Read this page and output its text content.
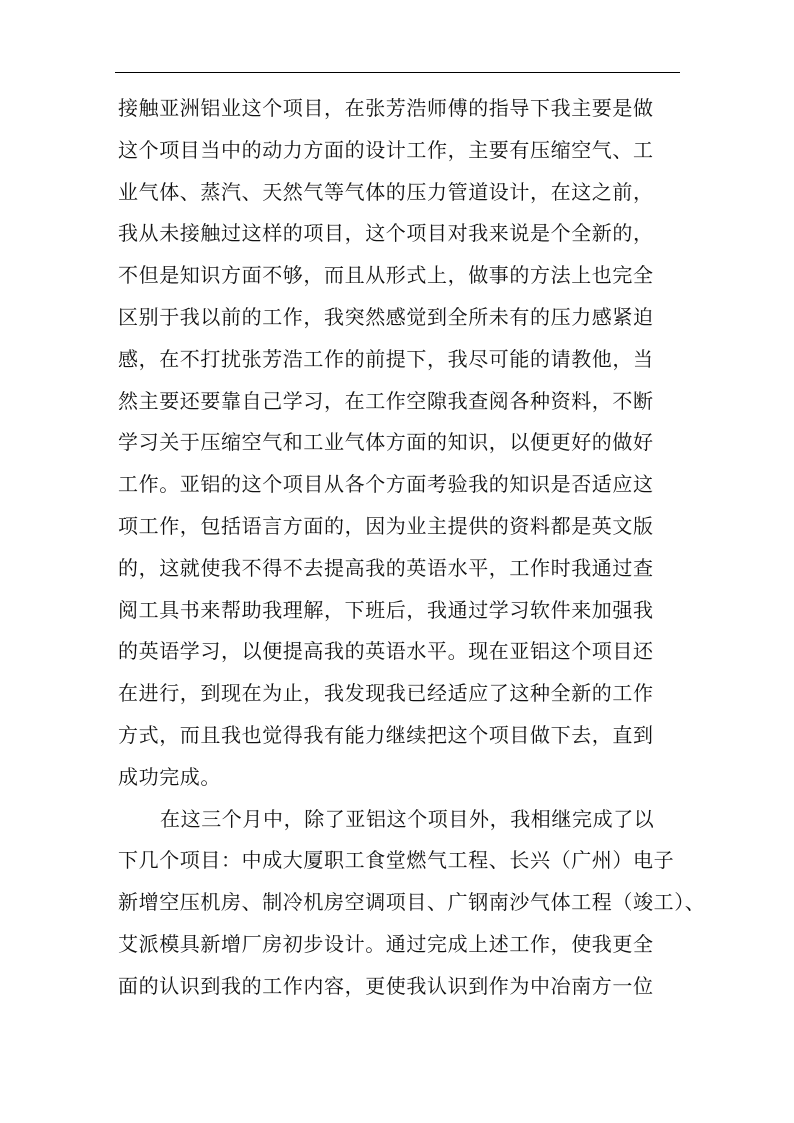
接触亚洲铝业这个项目，在张芳浩师傅的指导下我主要是做
这个项目当中的动力方面的设计工作，主要有压缩空气、工
业气体、蒸汽、天然气等气体的压力管道设计，在这之前，
我从未接触过这样的项目，这个项目对我来说是个全新的，
不但是知识方面不够，而且从形式上，做事的方法上也完全
区别于我以前的工作，我突然感觉到全所未有的压力感紧迫
感，在不打扰张芳浩工作的前提下，我尽可能的请教他，当
然主要还要靠自己学习，在工作空隙我查阅各种资料，不断
学习关于压缩空气和工业气体方面的知识，以便更好的做好
工作。亚铝的这个项目从各个方面考验我的知识是否适应这
项工作，包括语言方面的，因为业主提供的资料都是英文版
的，这就使我不得不去提高我的英语水平，工作时我通过查
阅工具书来帮助我理解，下班后，我通过学习软件来加强我
的英语学习，以便提高我的英语水平。现在亚铝这个项目还
在进行，到现在为止，我发现我已经适应了这种全新的工作
方式，而且我也觉得我有能力继续把这个项目做下去，直到
成功完成。
在这三个月中，除了亚铝这个项目外，我相继完成了以
下几个项目：中成大厦职工食堂燃气工程、长兴（广州）电子
新增空压机房、制冷机房空调项目、广钢南沙气体工程（竣工）、
艾派模具新增厂房初步设计。通过完成上述工作，使我更全
面的认识到我的工作内容，更使我认识到作为中冶南方一位
